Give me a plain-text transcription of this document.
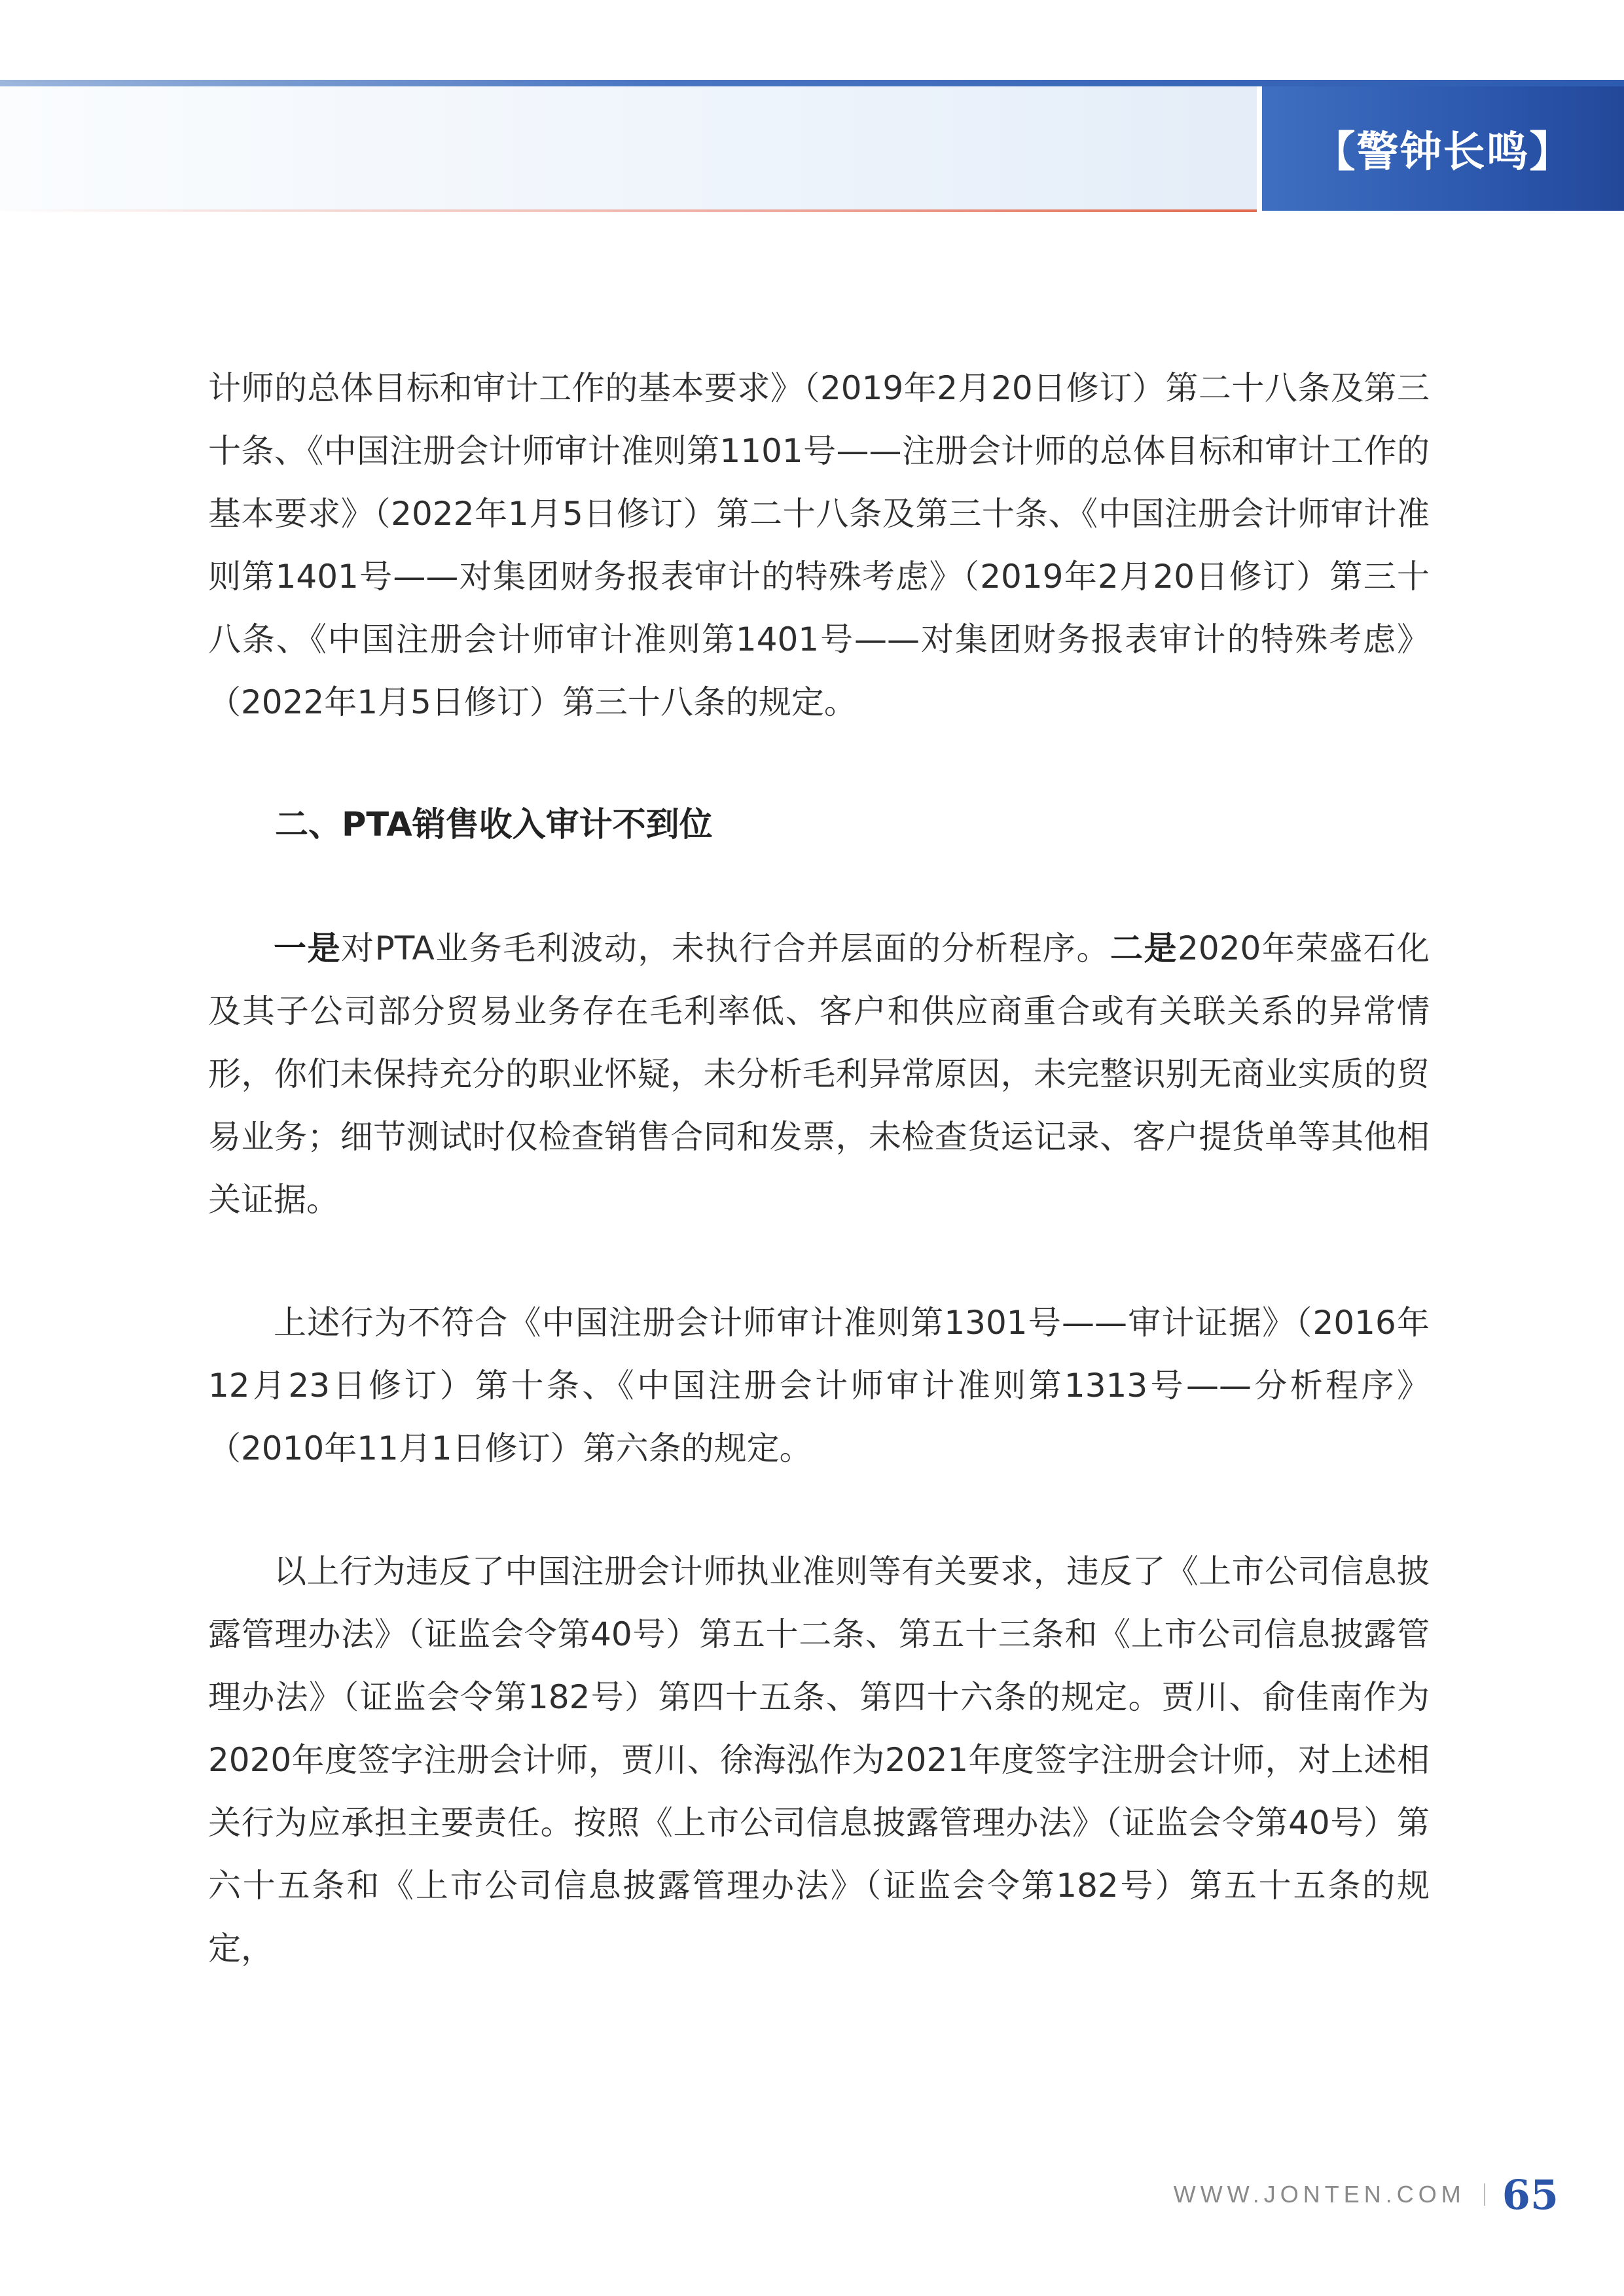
【警钟长鸣】

计师的总体目标和审计工作的基本要求》（2019年2月20日修订）第二十八条及第三十条、《中国注册会计师审计准则第1101号——注册会计师的总体目标和审计工作的基本要求》（2022年1月5日修订）第二十八条及第三十条、《中国注册会计师审计准则第1401号——对集团财务报表审计的特殊考虑》（2019年2月20日修订）第三十八条、《中国注册会计师审计准则第1401号——对集团财务报表审计的特殊考虑》（2022年1月5日修订）第三十八条的规定。

二、PTA销售收入审计不到位

一是对PTA业务毛利波动，未执行合并层面的分析程序。二是2020年荣盛石化及其子公司部分贸易业务存在毛利率低、客户和供应商重合或有关联关系的异常情形，你们未保持充分的职业怀疑，未分析毛利异常原因，未完整识别无商业实质的贸易业务；细节测试时仅检查销售合同和发票，未检查货运记录、客户提货单等其他相关证据。

上述行为不符合《中国注册会计师审计准则第1301号——审计证据》（2016年12月23日修订）第十条、《中国注册会计师审计准则第1313号——分析程序》（2010年11月1日修订）第六条的规定。

以上行为违反了中国注册会计师执业准则等有关要求，违反了《上市公司信息披露管理办法》（证监会令第40号）第五十二条、第五十三条和《上市公司信息披露管理办法》（证监会令第182号）第四十五条、第四十六条的规定。贾川、俞佳南作为2020年度签字注册会计师，贾川、徐海泓作为2021年度签字注册会计师，对上述相关行为应承担主要责任。按照《上市公司信息披露管理办法》（证监会令第40号）第六十五条和《上市公司信息披露管理办法》（证监会令第182号）第五十五条的规定，

WWW.JONTEN.COM 65
